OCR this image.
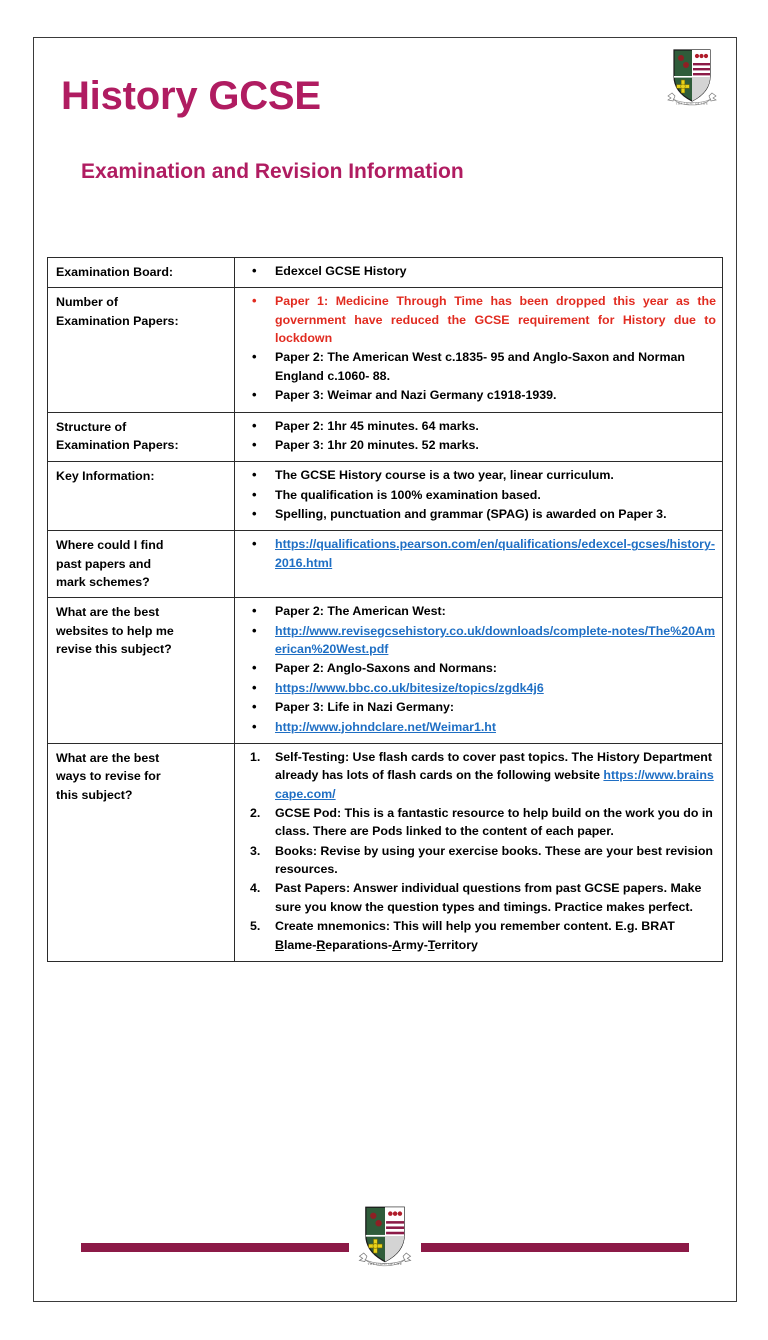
History GCSE
Examination and Revision Information
THE LIGHT OF LIFE
Examination Board:

•Edexcel GCSE History

Number of
Examination Papers:

• Paper 1: Medicine Through Time has been dropped this year as the government have reduced the GCSE requirement for History due to lockdown
• Paper 2: The American West c.1835- 95 and Anglo-Saxon and Norman England c.1060- 88.
• Paper 3: Weimar and Nazi Germany c1918-1939.

Structure of
Examination Papers:

• Paper 2: 1hr 45 minutes. 64 marks.
• Paper 3: 1hr 20 minutes. 52 marks.

Key Information:

•The GCSE History course is a two year, linear curriculum.
• The qualification is 100% examination based.
• Spelling, punctuation and grammar (SPAG) is awarded on Paper 3.

Where could I find
past papers and
mark schemes?

• https://qualifications.pearson.com/en/qualifications/edexcel-gcses/history-2016.html

What are the best
websites to help me
revise this subject?

• Paper 2: The American West:
• http://www.revisegcsehistory.co.uk/downloads/complete-notes/The%20American%20West.pdf
• Paper 2: Anglo-Saxons and Normans:
• https://www.bbc.co.uk/bitesize/topics/zgdk4j6
• Paper 3: Life in Nazi Germany:
• http://www.johndclare.net/Weimar1.ht

What are the best
ways to revise for
this subject?

Self-Testing: Use flash cards to cover past topics. The History Department already has lots of flash cards on the following website https://www.brainscape.com/
GCSE Pod: This is a fantastic resource to help build on the work you do in class. There are Pods linked to the content of each paper.
Books: Revise by using your exercise books. These are your best revision resources.
Past Papers: Answer individual questions from past GCSE papers. Make sure you know the question types and timings. Practice makes perfect.
Create mnemonics: This will help you remember content. E.g. BRAT
Blame-Reparations-Army-Territory
THE LIGHT OF LIFE
